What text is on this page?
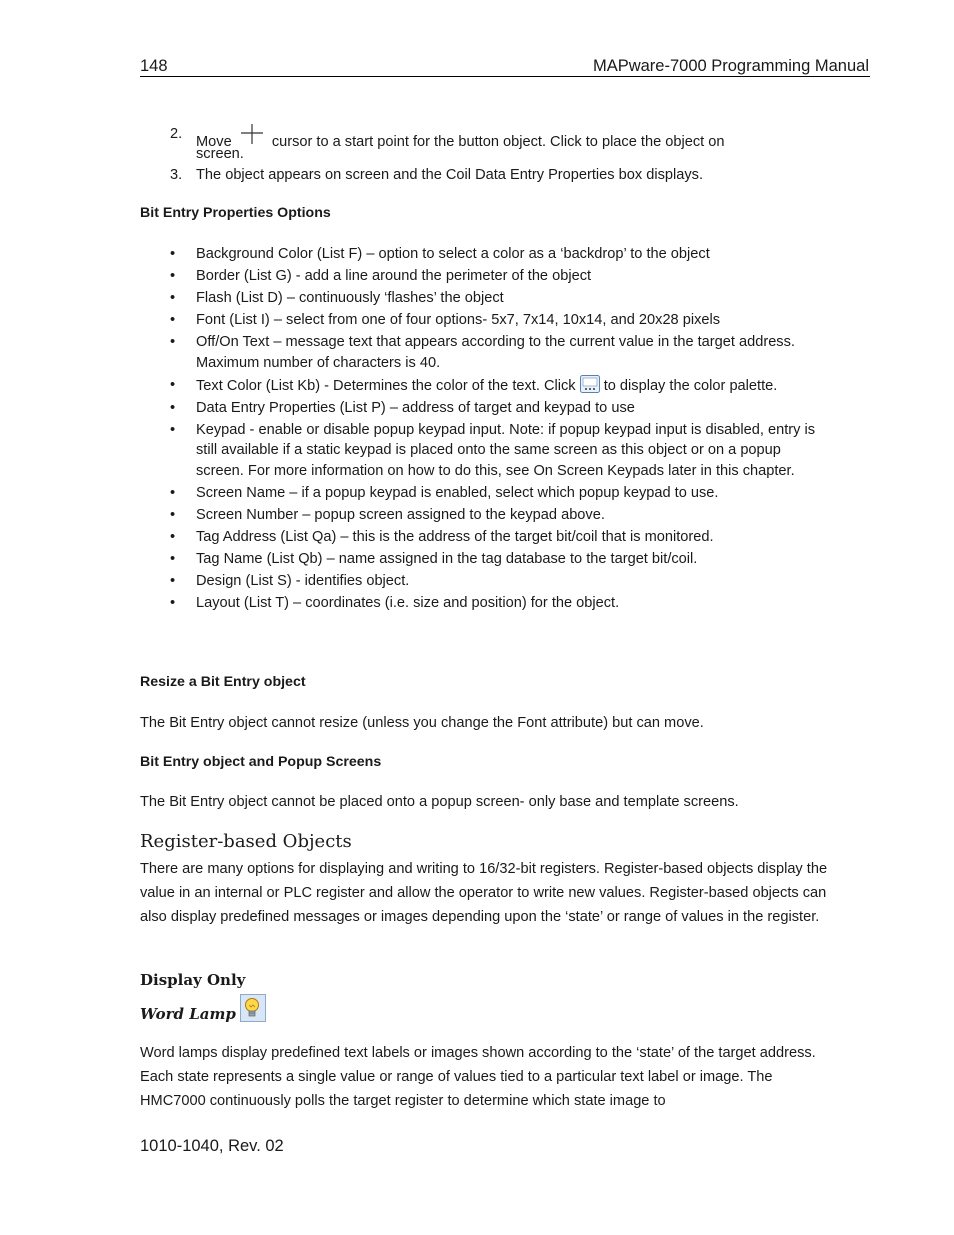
148	MAPware-7000 Programming Manual
2. Move	cursor to a start point for the button object. Click to place the object on
screen.
3. The object appears on screen and the Coil Data Entry Properties box displays.
Bit Entry Properties Options
• Background Color (List F) – option to select a color as a ‘backdrop’ to the object
• Border (List G) - add a line around the perimeter of the object
• Flash (List D) – continuously ‘flashes’ the object
• Font (List I) – select from one of four options- 5x7, 7x14, 10x14, and 20x28 pixels
• Off/On Text – message text that appears according to the current value in the target address. Maximum number of characters is 40.
• Text Color (List Kb) - Determines the color of the text. Click to display the color palette.
• Data Entry Properties (List P) – address of target and keypad to use
• Keypad - enable or disable popup keypad input. Note: if popup keypad input is disabled, entry is still available if a static keypad is placed onto the same screen as this object or on a popup screen. For more information on how to do this, see On Screen Keypads later in this chapter.
• Screen Name – if a popup keypad is enabled, select which popup keypad to use.
• Screen Number – popup screen assigned to the keypad above.
• Tag Address (List Qa) – this is the address of the target bit/coil that is monitored.
• Tag Name (List Qb) – name assigned in the tag database to the target bit/coil.
• Design (List S) - identifies object.
• Layout (List T) – coordinates (i.e. size and position) for the object.
Resize a Bit Entry object
The Bit Entry object cannot resize (unless you change the Font attribute) but can move.
Bit Entry object and Popup Screens
The Bit Entry object cannot be placed onto a popup screen- only base and template screens.
Register-based Objects
There are many options for displaying and writing to 16/32-bit registers. Register-based objects display the value in an internal or PLC register and allow the operator to write new values. Register-based objects can also display predefined messages or images depending upon the ‘state’ or range of values in the register.
Display Only
Word Lamp
Word lamps display predefined text labels or images shown according to the ‘state’ of the target address. Each state represents a single value or range of values tied to a particular text label or image. The HMC7000 continuously polls the target register to determine which state image to
1010-1040, Rev. 02
